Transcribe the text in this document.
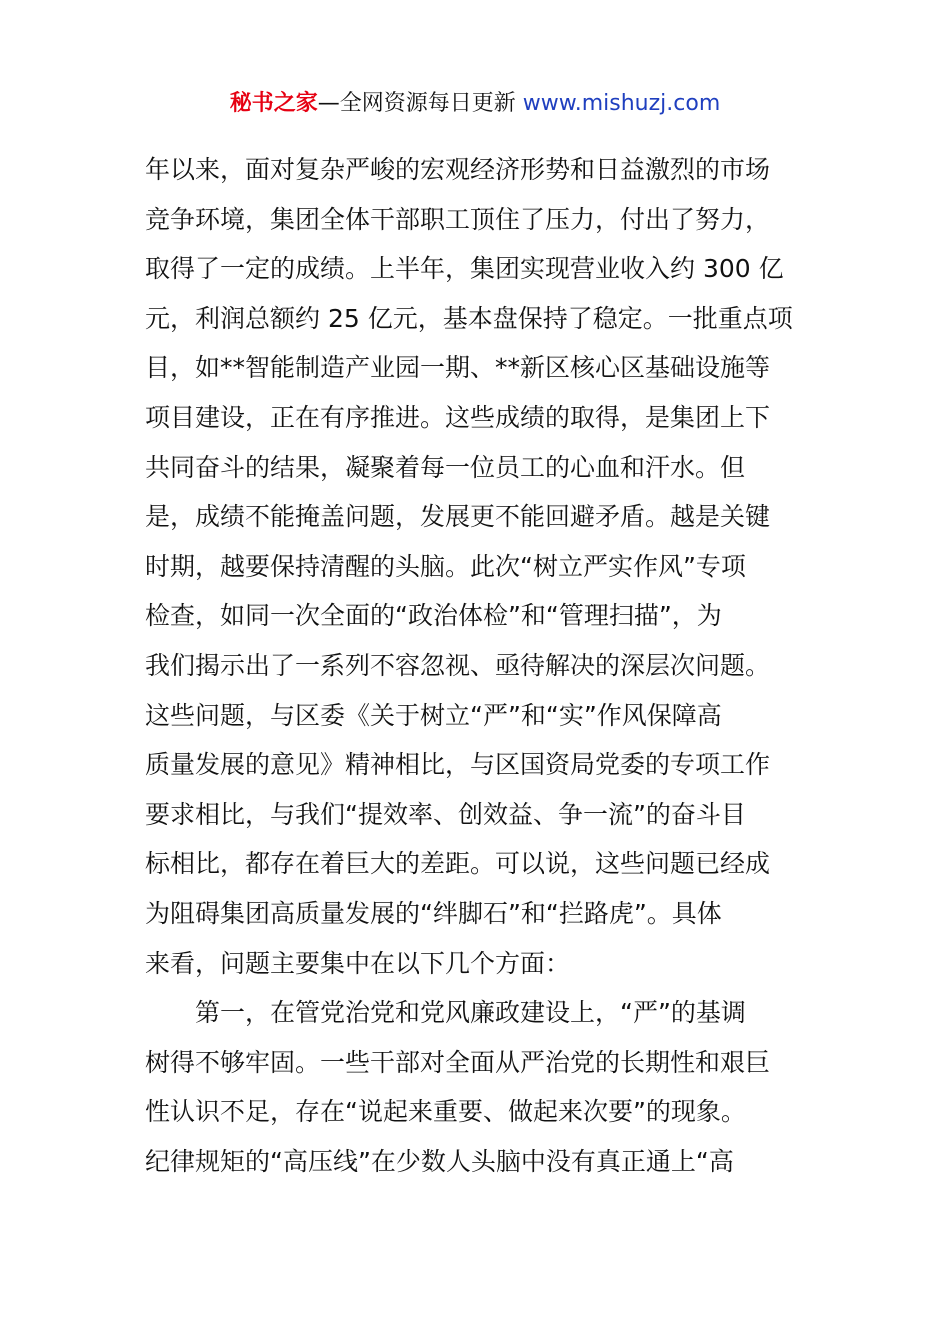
秘书之家—全网资源每日更新 www.mishuzj.com
年以来，面对复杂严峻的宏观经济形势和日益激烈的市场
竞争环境，集团全体干部职工顶住了压力，付出了努力，
取得了一定的成绩。上半年，集团实现营业收入约 300 亿
元，利润总额约 25 亿元，基本盘保持了稳定。一批重点项
目，如**智能制造产业园一期、**新区核心区基础设施等
项目建设，正在有序推进。这些成绩的取得，是集团上下
共同奋斗的结果，凝聚着每一位员工的心血和汗水。但
是，成绩不能掩盖问题，发展更不能回避矛盾。越是关键
时期，越要保持清醒的头脑。此次“树立严实作风”专项
检查，如同一次全面的“政治体检”和“管理扫描”，为
我们揭示出了一系列不容忽视、亟待解决的深层次问题。
这些问题，与区委《关于树立“严”和“实”作风保障高
质量发展的意见》精神相比，与区国资局党委的专项工作
要求相比，与我们“提效率、创效益、争一流”的奋斗目
标相比，都存在着巨大的差距。可以说，这些问题已经成
为阻碍集团高质量发展的“绊脚石”和“拦路虎”。具体
来看，问题主要集中在以下几个方面：
第一，在管党治党和党风廉政建设上，“严”的基调
树得不够牢固。一些干部对全面从严治党的长期性和艰巨
性认识不足，存在“说起来重要、做起来次要”的现象。
纪律规矩的“高压线”在少数人头脑中没有真正通上“高
